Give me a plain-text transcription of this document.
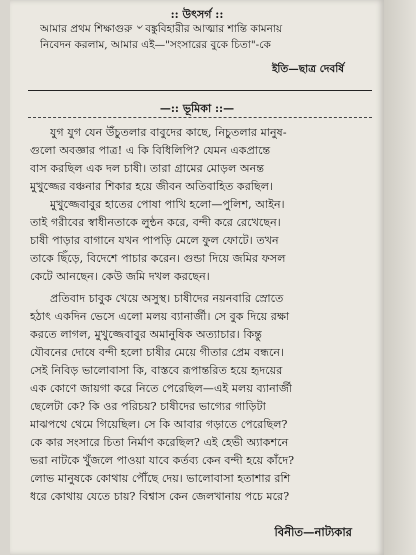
:: উৎসর্গ ::
আমার প্রথম শিক্ষাগুরু ৺ বঙ্কুবিহারীর আত্মার শান্তি কামনায়
নিবেদন করলাম, আমার এই—"সংসারের বুকে চিতা"-কে
ইতি—ছাত্র দেবর্ষি
—:: ভূমিকা ::—
যুগ যুগ যেন উঁচুতলার বাবুদের কাছে, নিচুতলার মানুষ-
গুলো অবজ্ঞার পাত্র! এ কি বিধিলিপি? যেমন একপ্রান্তে
বাস করছিল এক দল চাষী। তারা গ্রামের মোড়ল অনন্ত
মুখুজ্জের বঞ্চনার শিকার হয়ে জীবন অতিবাহিত করছিল।
মুখুজ্জেবাবুর হাতের পোষা পাখি হলো—পুলিশ, আইন।
তাই গরীবের স্বাধীনতাকে লুন্ঠন করে, বন্দী করে রেখেছেন।
চাষী পাড়ার বাগানে যখন পাপড়ি মেলে ফুল ফোটে। তখন
তাকে ছিঁড়ে, বিদেশে পাচার করেন। গুন্ডা দিয়ে জমির ফসল
কেটে আনছেন। কেউ জমি দখল করছেন।
প্রতিবাদ চাবুক খেয়ে অসুস্থ। চাষীদের নয়নবারি স্রোতে
হঠাৎ একদিন ভেসে এলো মলয় ব্যানার্জী। সে বুক দিয়ে রক্ষা
করতে লাগল, মুখুজ্জেবাবুর অমানুষিক অত্যাচার। কিন্তু
যৌবনের দোষে বন্দী হলো চাষীর মেয়ে গীতার প্রেম বন্ধনে।
সেই নিবিড় ভালোবাসা কি, বাস্তবে রূপান্তরিত হয়ে হৃদয়ের
এক কোণে জায়গা করে নিতে পেরেছিল—এই মলয় ব্যানার্জী
ছেলেটা কে? কি ওর পরিচয়? চাষীদের ভাগ্যের গাড়িটা
মাঝপথে থেমে গিয়েছিল। সে কি আবার গড়াতে পেরেছিল?
কে কার সংসারে চিতা নির্মাণ করেছিল? এই হেভী অ্যাকশনে
ভরা নাটকে খুঁজলে পাওয়া যাবে কর্তব্য কেন বন্দী হয়ে কাঁদে?
লোভ মানুষকে কোথায় পৌঁছে দেয়। ভালোবাসা হতাশার রশি
ধরে কোথায় যেতে চায়? বিশ্বাস কেন জেলখানায় পচে মরে?
বিনীত—নাট্যকার
